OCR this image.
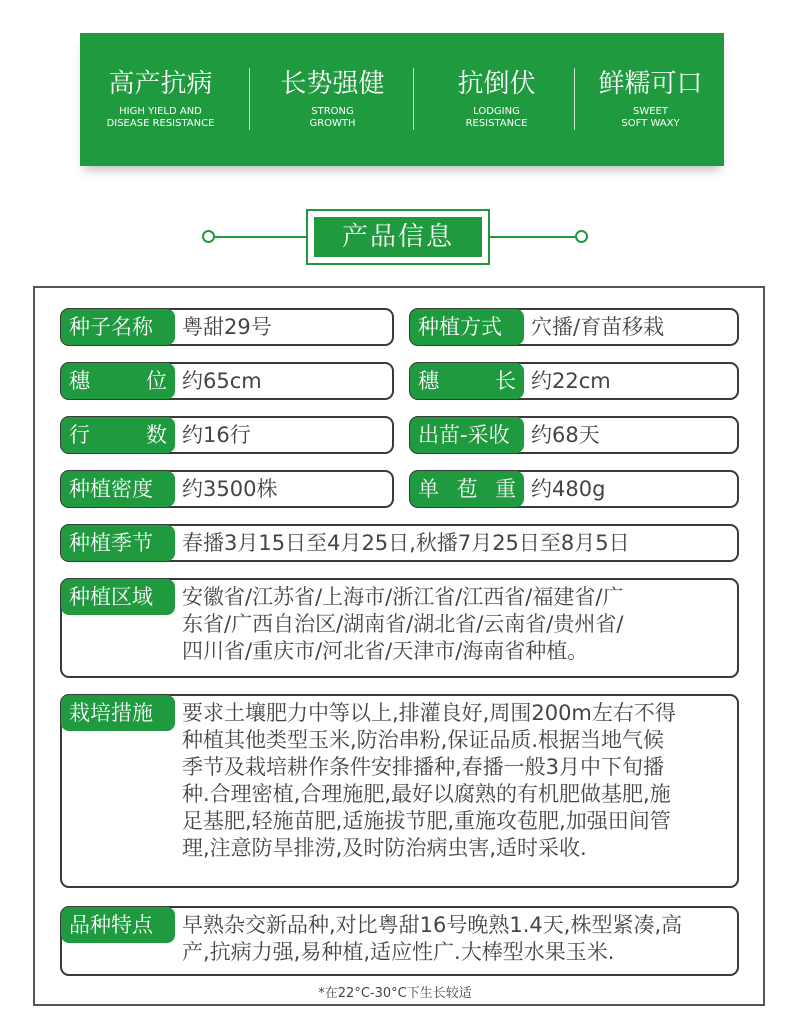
高产抗病
HIGH YIELD AND
DISEASE RESISTANCE
长势强健
STRONG
GROWTH
抗倒伏
LODGING
RESISTANCE
鲜糯可口
SWEET
SOFT WAXY
产品信息
种子名称	粤甜29号	种植方式	穴播/育苗移栽
穗 位 约65cm	穗 长 约22cm
行 数 约16行	出苗-采收	约68天
种植密度	约3500株	单 苞 重 约480g
种植季节	春播3月15日至4月25日,秋播7月25日至8月5日
种植区域	安徽省/江苏省/上海市/浙江省/江西省/福建省/广
东省/广西自治区/湖南省/湖北省/云南省/贵州省/
四川省/重庆市/河北省/天津市/海南省种植。
栽培措施	要求土壤肥力中等以上,排灌良好,周围200m左右不得
种植其他类型玉米,防治串粉,保证品质.根据当地气候
季节及栽培耕作条件安排播种,春播一般3月中下旬播
种.合理密植,合理施肥,最好以腐熟的有机肥做基肥,施
足基肥,轻施苗肥,适施拔节肥,重施攻苞肥,加强田间管
理,注意防旱排涝,及时防治病虫害,适时采收.
品种特点	早熟杂交新品种,对比粤甜16号晚熟1.4天,株型紧凑,高
产,抗病力强,易种植,适应性广.大棒型水果玉米.
*在22°C-30°C下生长较适
